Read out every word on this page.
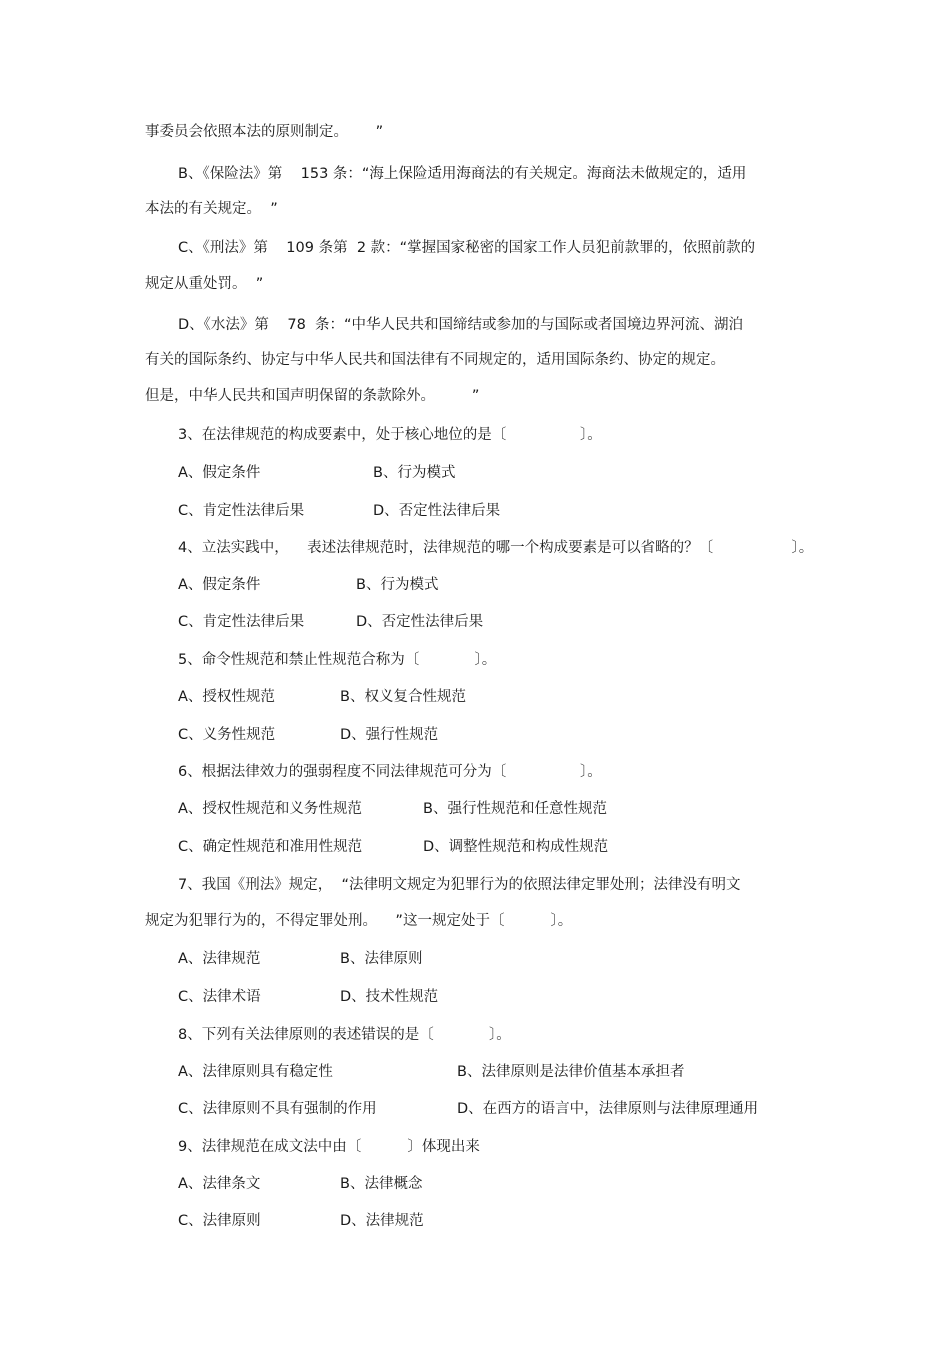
事委员会依照本法的原则制定。      ”

B、《保险法》第    153 条：“海上保险适用海商法的有关规定。海商法未做规定的，适用

本法的有关规定。  ”

C、《刑法》第    109 条第  2 款：“掌握国家秘密的国家工作人员犯前款罪的，依照前款的

规定从重处罚。  ”

D、《水法》第    78  条：“中华人民共和国缔结或参加的与国际或者国境边界河流、湖泊

有关的国际条约、协定与中华人民共和国法律有不同规定的，适用国际条约、协定的规定。

但是，中华人民共和国声明保留的条款除外。        ”

3、在法律规范的构成要素中，处于核心地位的是〔                〕。

A、假定条件	B、行为模式

C、肯定性法律后果	D、否定性法律后果

4、立法实践中，    表述法律规范时，法律规范的哪一个构成要素是可以省略的？〔                 〕。

A、假定条件	B、行为模式

C、肯定性法律后果	D、否定性法律后果

5、命令性规范和禁止性规范合称为〔            〕。

A、授权性规范	B、权义复合性规范

C、义务性规范	D、强行性规范

6、根据法律效力的强弱程度不同法律规范可分为〔                〕。

A、授权性规范和义务性规范	B、强行性规范和任意性规范

C、确定性规范和准用性规范	D、调整性规范和构成性规范

7、我国《刑法》规定，  “法律明文规定为犯罪行为的依照法律定罪处刑；法律没有明文

规定为犯罪行为的，不得定罪处刑。    ”这一规定处于〔          〕。

A、法律规范	B、法律原则

C、法律术语	D、技术性规范

8、下列有关法律原则的表述错误的是〔            〕。

A、法律原则具有稳定性	B、法律原则是法律价值基本承担者

C、法律原则不具有强制的作用	D、在西方的语言中，法律原则与法律原理通用

9、法律规范在成文法中由〔          〕体现出来

A、法律条文	B、法律概念

C、法律原则	D、法律规范
